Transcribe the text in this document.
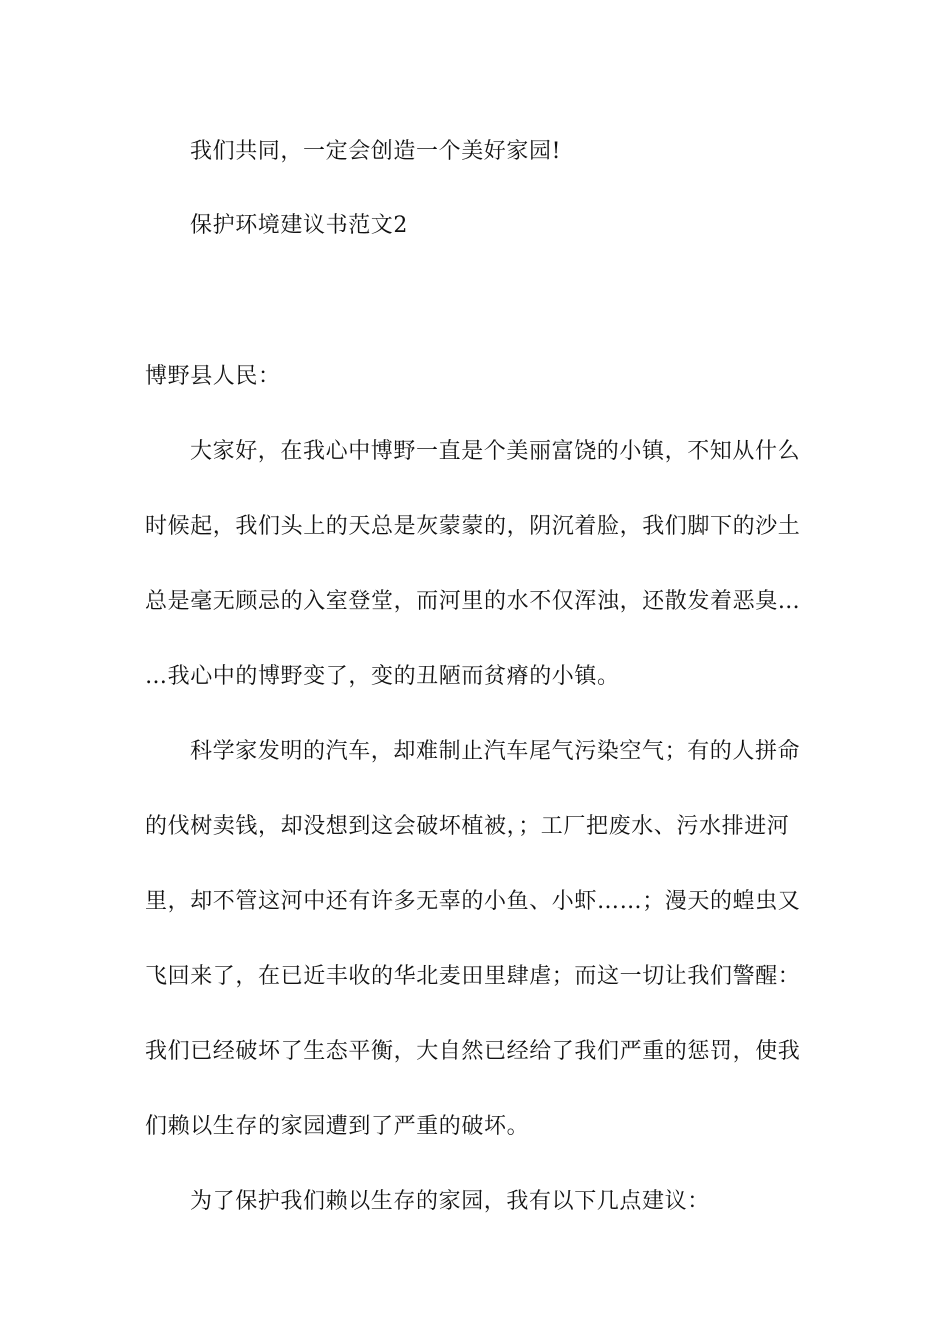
我们共同，一定会创造一个美好家园!
保护环境建议书范文2
博野县人民：
大家好，在我心中博野一直是个美丽富饶的小镇，不知从什么
时候起，我们头上的天总是灰蒙蒙的，阴沉着脸，我们脚下的沙土
总是毫无顾忌的入室登堂，而河里的水不仅浑浊，还散发着恶臭…
…我心中的博野变了，变的丑陋而贫瘠的小镇。
科学家发明的汽车，却难制止汽车尾气污染空气；有的人拼命
的伐树卖钱，却没想到这会破坏植被，；工厂把废水、污水排进河
里，却不管这河中还有许多无辜的小鱼、小虾……；漫天的蝗虫又
飞回来了，在已近丰收的华北麦田里肆虐；而这一切让我们警醒：
我们已经破坏了生态平衡，大自然已经给了我们严重的惩罚，使我
们赖以生存的家园遭到了严重的破坏。
为了保护我们赖以生存的家园，我有以下几点建议：
